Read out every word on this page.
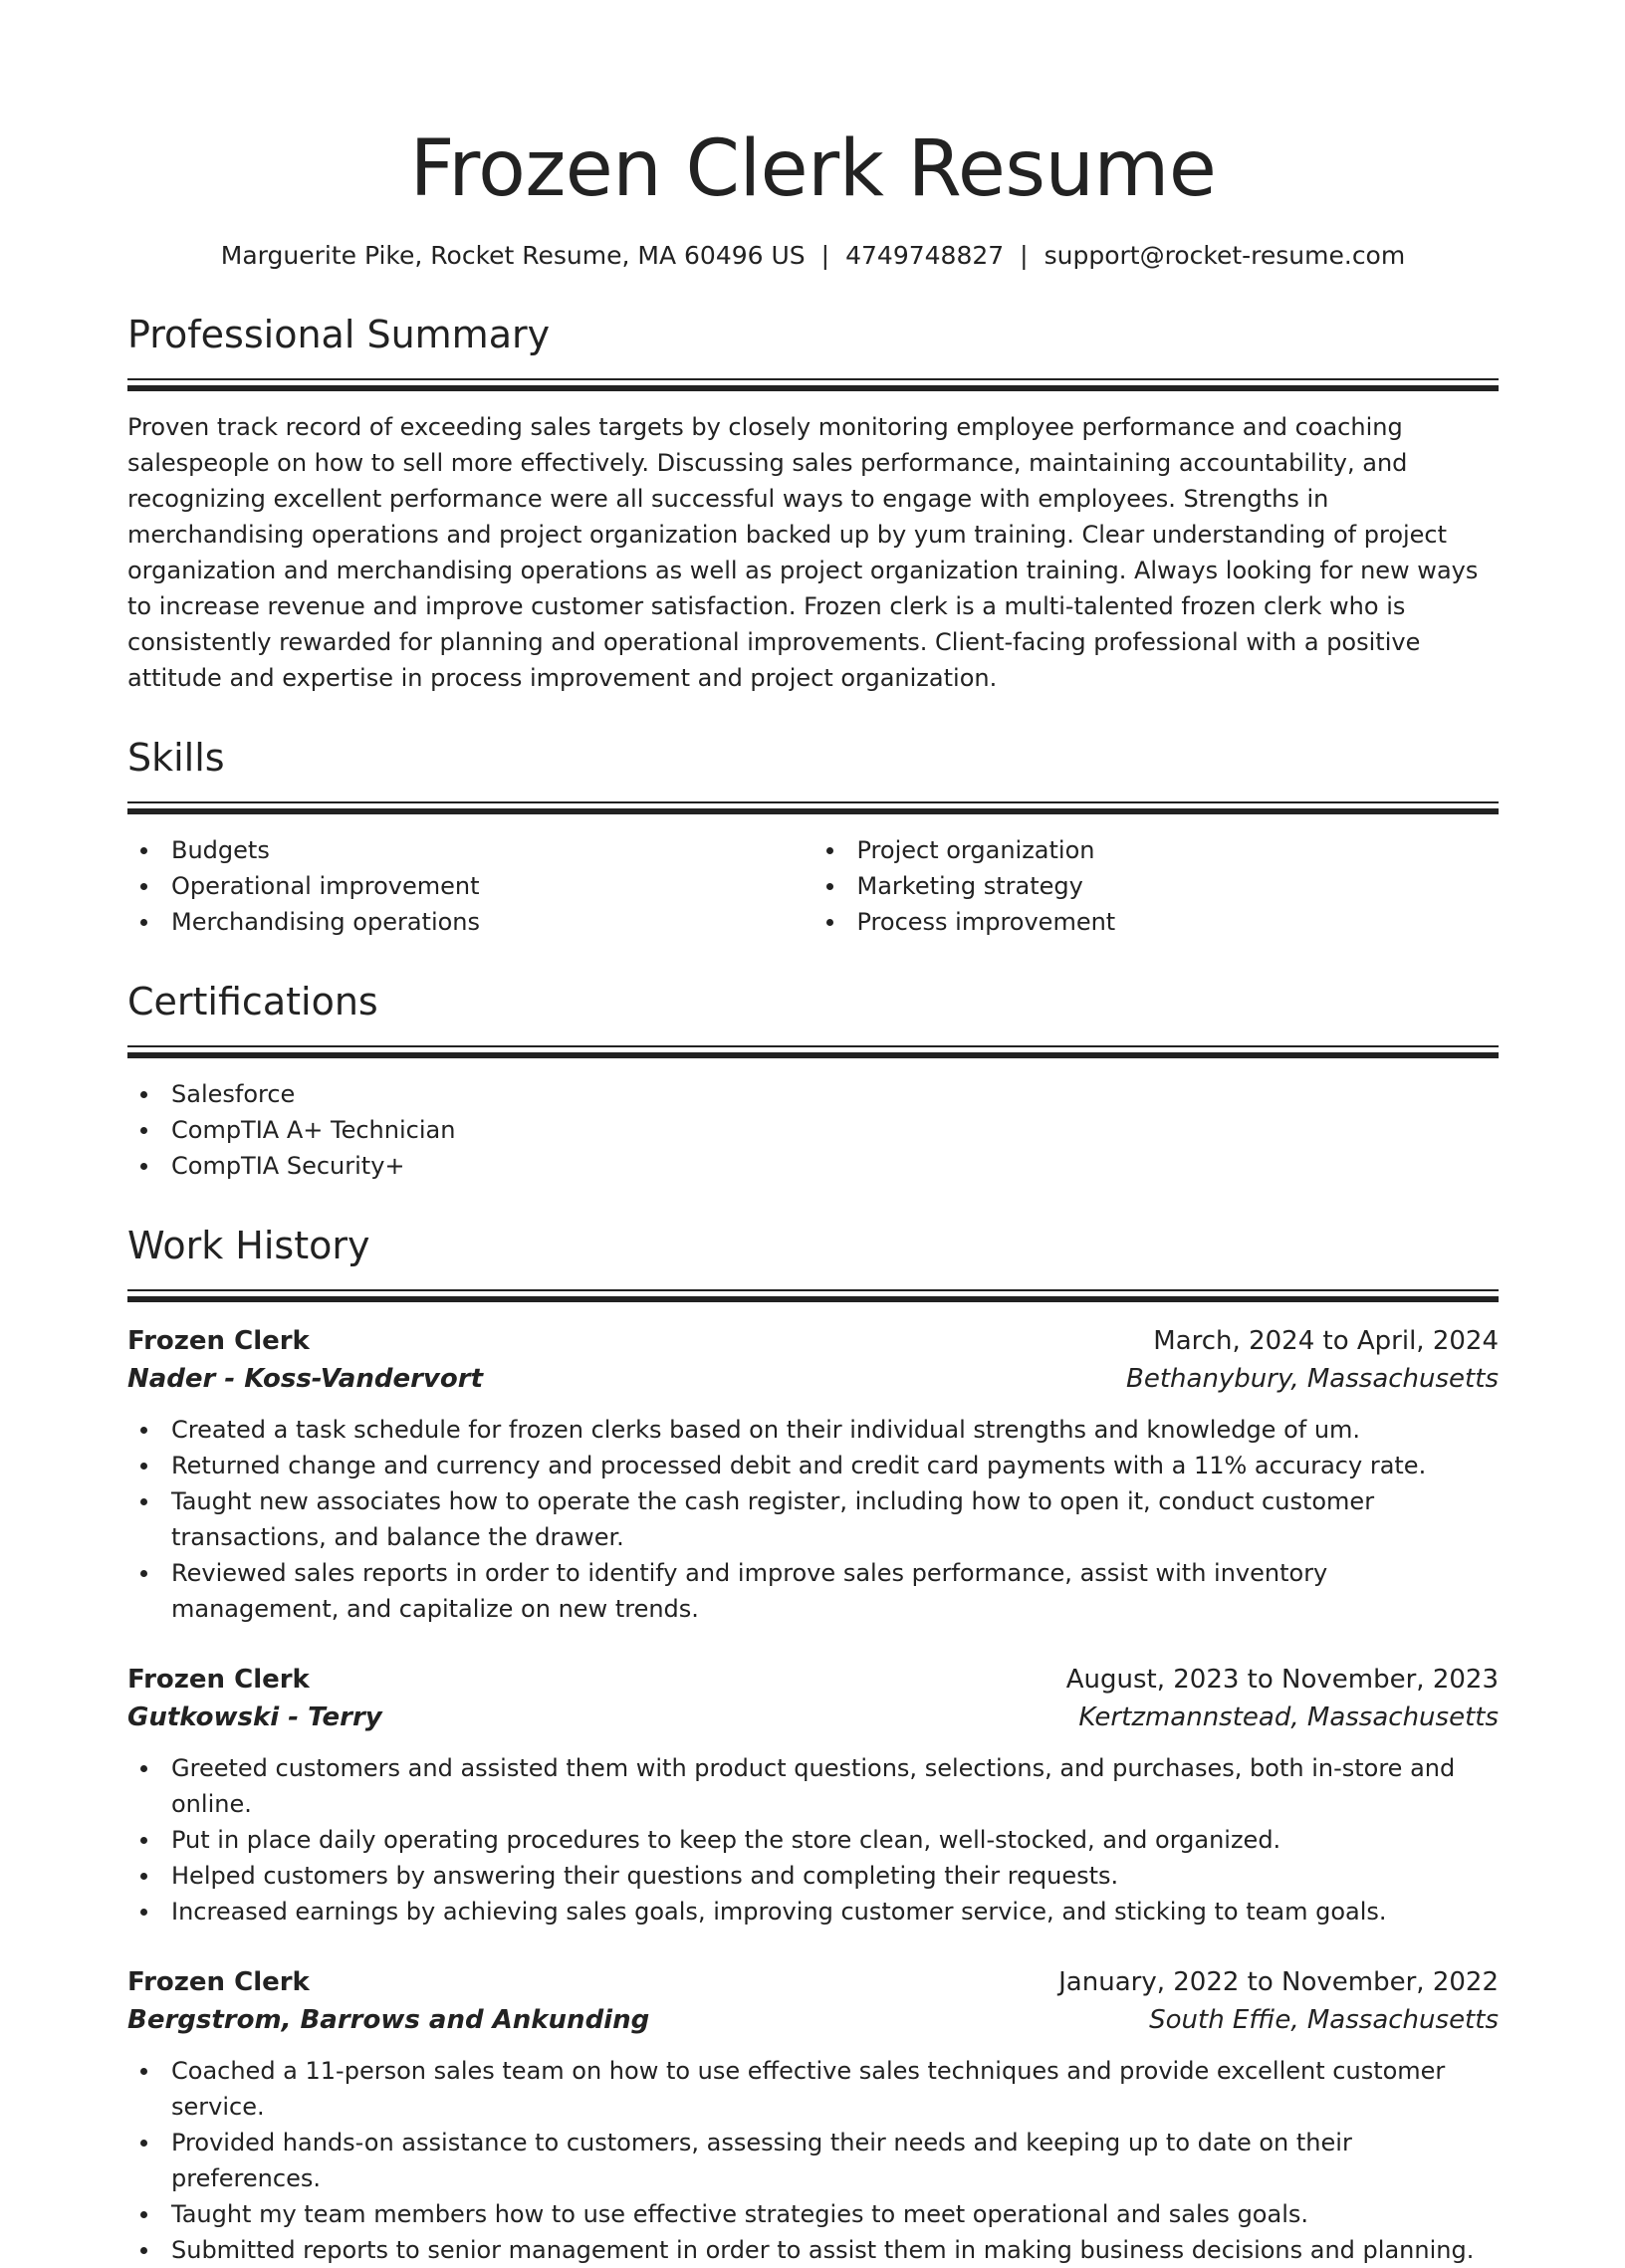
Frozen Clerk Resume
Marguerite Pike, Rocket Resume, MA 60496 US | 4749748827 | support@rocket-resume.com
Professional Summary

Proven track record of exceeding sales targets by closely monitoring employee performance and coaching salespeople on how to sell more effectively. Discussing sales performance, maintaining accountability, and recognizing excellent performance were all successful ways to engage with employees. Strengths in merchandising operations and project organization backed up by yum training. Clear understanding of project organization and merchandising operations as well as project organization training. Always looking for new ways to increase revenue and improve customer satisfaction. Frozen clerk is a multi-talented frozen clerk who is consistently rewarded for planning and operational improvements. Client-facing professional with a positive attitude and expertise in process improvement and project organization.

Skills
Budgets
Operational improvement
Merchandising operations
Project organization
Marketing strategy
Process improvement
Certifications
Salesforce
CompTIA A+ Technician
CompTIA Security+
Work History
Frozen Clerk	March, 2024 to April, 2024
Nader - Koss-Vandervort	Bethanybury, Massachusetts
Created a task schedule for frozen clerks based on their individual strengths and knowledge of um.
Returned change and currency and processed debit and credit card payments with a 11% accuracy rate.
Taught new associates how to operate the cash register, including how to open it, conduct customer transactions, and balance the drawer.
Reviewed sales reports in order to identify and improve sales performance, assist with inventory management, and capitalize on new trends.
Frozen Clerk	August, 2023 to November, 2023
Gutkowski - Terry	Kertzmannstead, Massachusetts
Greeted customers and assisted them with product questions, selections, and purchases, both in-store and online.
Put in place daily operating procedures to keep the store clean, well-stocked, and organized.
Helped customers by answering their questions and completing their requests.
Increased earnings by achieving sales goals, improving customer service, and sticking to team goals.
Frozen Clerk	January, 2022 to November, 2022
Bergstrom, Barrows and Ankunding	South Effie, Massachusetts
Coached a 11-person sales team on how to use effective sales techniques and provide excellent customer service.
Provided hands-on assistance to customers, assessing their needs and keeping up to date on their preferences.
Taught my team members how to use effective strategies to meet operational and sales goals.
Submitted reports to senior management in order to assist them in making business decisions and planning.
